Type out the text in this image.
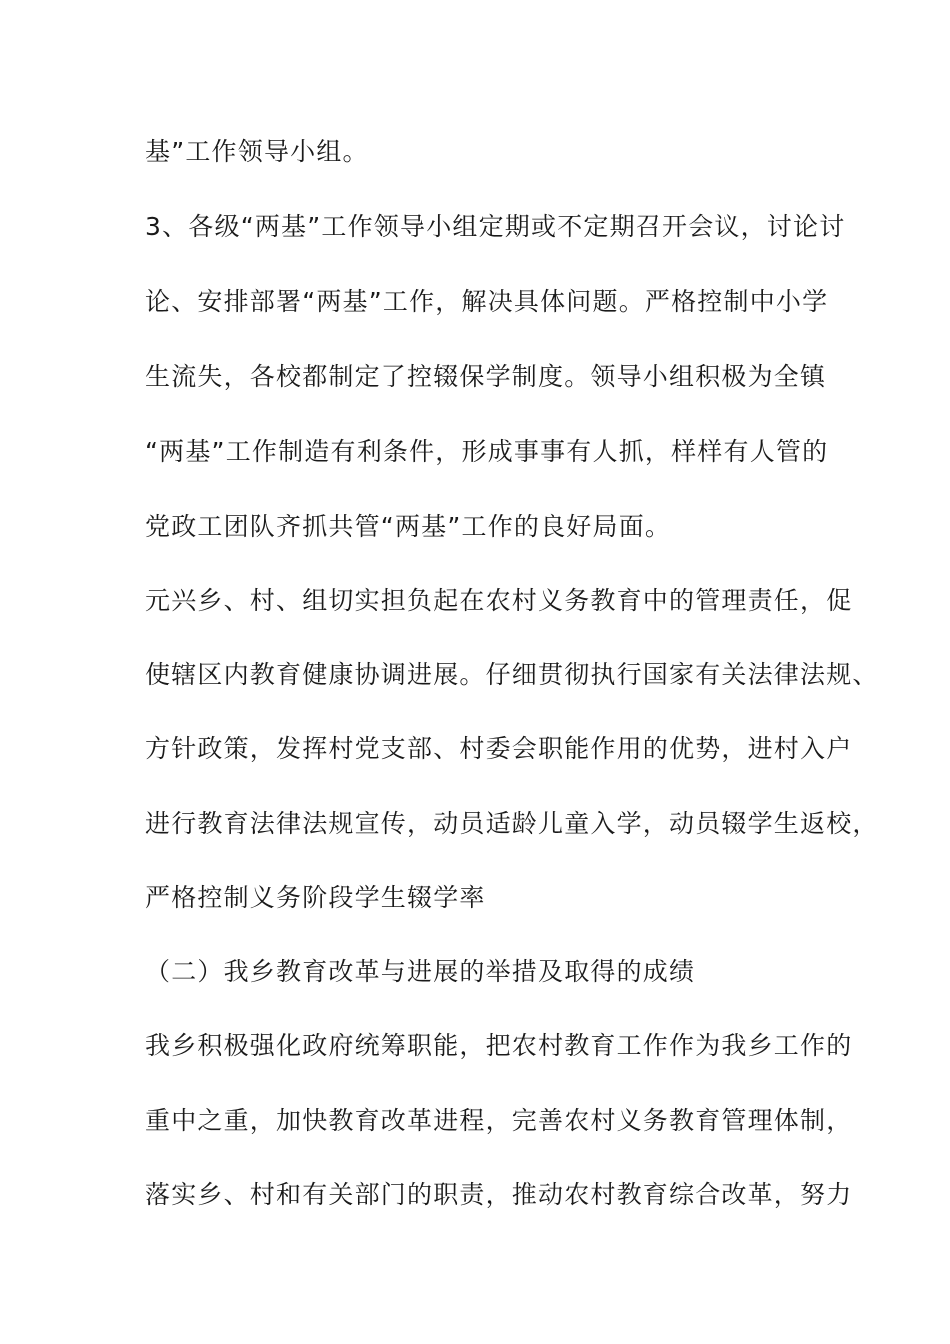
基”工作领导小组。
3、各级“两基”工作领导小组定期或不定期召开会议，讨论讨
论、安排部署“两基”工作，解决具体问题。严格控制中小学
生流失，各校都制定了控辍保学制度。领导小组积极为全镇
“两基”工作制造有利条件，形成事事有人抓，样样有人管的
党政工团队齐抓共管“两基”工作的良好局面。
元兴乡、村、组切实担负起在农村义务教育中的管理责任，促
使辖区内教育健康协调进展。仔细贯彻执行国家有关法律法规、
方针政策，发挥村党支部、村委会职能作用的优势，进村入户
进行教育法律法规宣传，动员适龄儿童入学，动员辍学生返校，
严格控制义务阶段学生辍学率
（二）我乡教育改革与进展的举措及取得的成绩
我乡积极强化政府统筹职能，把农村教育工作作为我乡工作的
重中之重，加快教育改革进程，完善农村义务教育管理体制，
落实乡、村和有关部门的职责，推动农村教育综合改革，努力
